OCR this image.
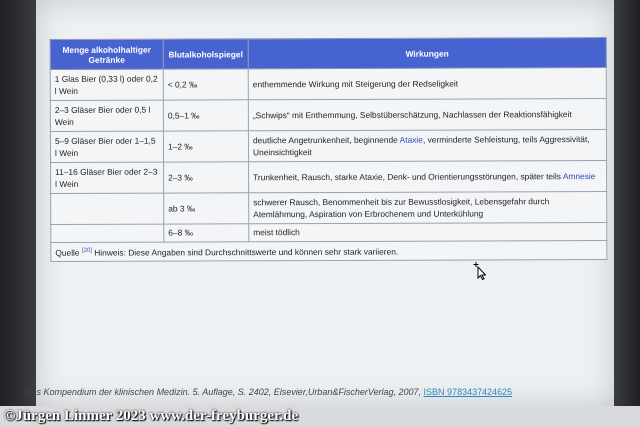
Menge alkoholhaltiger Getränke	Blutalkoholspiegel	Wirkungen
1 Glas Bier (0,33 l) oder 0,2 l Wein	< 0,2 ‰	enthemmende Wirkung mit Steigerung der Redseligkeit
2–3 Gläser Bier oder 0,5 l Wein	0,5–1 ‰	„Schwips“ mit Enthemmung, Selbstüberschätzung, Nachlassen der Reaktionsfähigkeit
5–9 Gläser Bier oder 1–1,5 l Wein	1–2 ‰	deutliche Angetrunkenheit, beginnende Ataxie, verminderte Sehleistung, teils Aggressivität, Uneinsichtigkeit
11–16 Gläser Bier oder 2–3 l Wein	2–3 ‰	Trunkenheit, Rausch, starke Ataxie, Denk- und Orientierungsstörungen, später teils Amnesie
	ab 3 ‰	schwerer Rausch, Benommenheit bis zur Bewusstlosigkeit, Lebensgefahr durch Atemlähmung, Aspiration von Erbrochenem und Unterkühlung
	6–8 ‰	meist tödlich
Quelle [20] Hinweis: Diese Angaben sind Durchschnittswerte und können sehr stark variieren.		
Das Kompendium der klinischen Medizin. 5. Auflage, S. 2402, Elsevier,Urban&FischerVerlag, 2007, ISBN 9783437424625
©Jürgen Linmer 2023 www.der-freyburger.de
